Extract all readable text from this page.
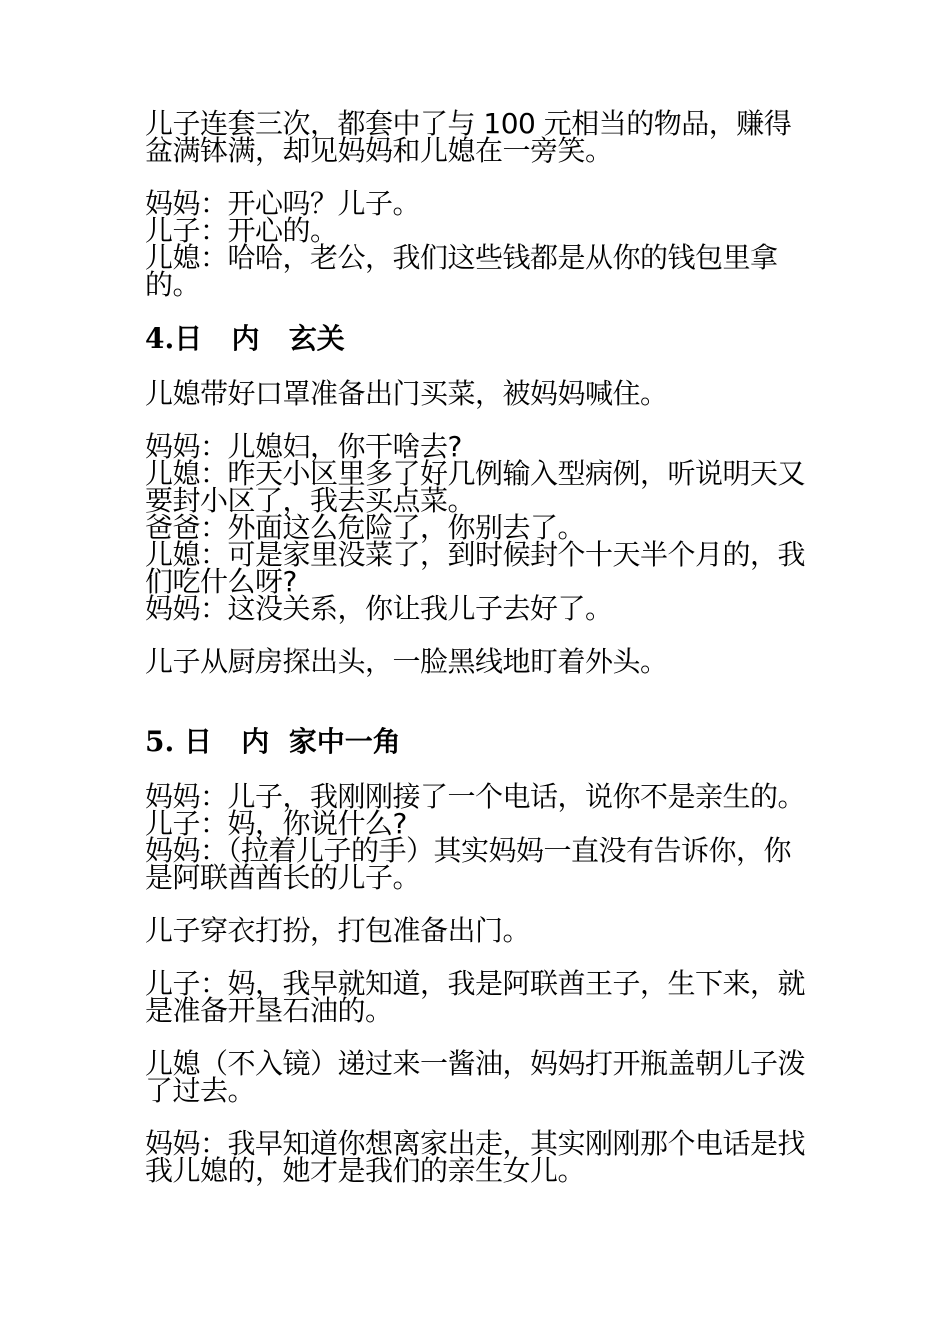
儿子连套三次，都套中了与 100 元相当的物品，赚得盆满钵满，却见妈妈和儿媳在一旁笑。

妈妈：开心吗？儿子。

儿子：开心的。

儿媳：哈哈，老公，我们这些钱都是从你的钱包里拿的。

4.日   内   玄关

儿媳带好口罩准备出门买菜，被妈妈喊住。

妈妈：儿媳妇，你干啥去?

儿媳：昨天小区里多了好几例输入型病例，听说明天又要封小区了，我去买点菜。

爸爸：外面这么危险了，你别去了。

儿媳：可是家里没菜了，到时候封个十天半个月的，我们吃什么呀?

妈妈：这没关系，你让我儿子去好了。

儿子从厨房探出头，一脸黑线地盯着外头。

5. 日   内  家中一角

妈妈：儿子，我刚刚接了一个电话，说你不是亲生的。

儿子：妈，你说什么?

妈妈：（拉着儿子的手）其实妈妈一直没有告诉你，你是阿联酋酋长的儿子。

儿子穿衣打扮，打包准备出门。

儿子：妈，我早就知道，我是阿联酋王子，生下来，就是准备开垦石油的。

儿媳（不入镜）递过来一酱油，妈妈打开瓶盖朝儿子泼了过去。

妈妈：我早知道你想离家出走，其实刚刚那个电话是找我儿媳的，她才是我们的亲生女儿。
